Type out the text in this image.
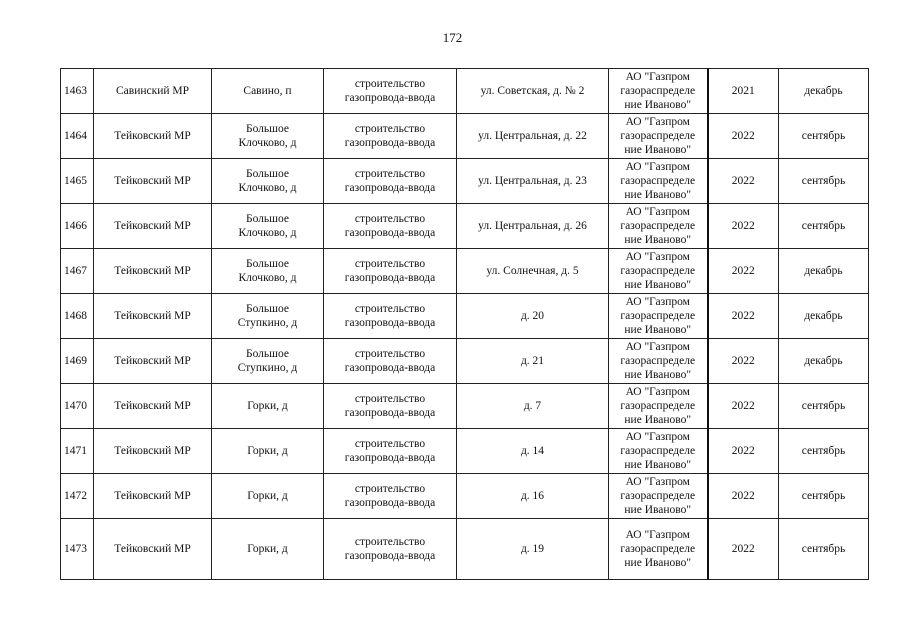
172
1463	Савинский МР	Савино, п	строительство
газопровода-ввода	ул. Советская, д. № 2	АО "Газпром
газораспределе
ние Иваново"	2021	декабрь
1464	Тейковский МР	Большое
Клочково, д	строительство
газопровода-ввода	ул. Центральная, д. 22	АО "Газпром
газораспределе
ние Иваново"	2022	сентябрь
1465	Тейковский МР	Большое
Клочково, д	строительство
газопровода-ввода	ул. Центральная, д. 23	АО "Газпром
газораспределе
ние Иваново"	2022	сентябрь
1466	Тейковский МР	Большое
Клочково, д	строительство
газопровода-ввода	ул. Центральная, д. 26	АО "Газпром
газораспределе
ние Иваново"	2022	сентябрь
1467	Тейковский МР	Большое
Клочково, д	строительство
газопровода-ввода	ул. Солнечная, д. 5	АО "Газпром
газораспределе
ние Иваново"	2022	декабрь
1468	Тейковский МР	Большое
Ступкино, д	строительство
газопровода-ввода	д. 20	АО "Газпром
газораспределе
ние Иваново"	2022	декабрь
1469	Тейковский МР	Большое
Ступкино, д	строительство
газопровода-ввода	д. 21	АО "Газпром
газораспределе
ние Иваново"	2022	декабрь
1470	Тейковский МР	Горки, д	строительство
газопровода-ввода	д. 7	АО "Газпром
газораспределе
ние Иваново"	2022	сентябрь
1471	Тейковский МР	Горки, д	строительство
газопровода-ввода	д. 14	АО "Газпром
газораспределе
ние Иваново"	2022	сентябрь
1472	Тейковский МР	Горки, д	строительство
газопровода-ввода	д. 16	АО "Газпром
газораспределе
ние Иваново"	2022	сентябрь
1473	Тейковский МР	Горки, д	строительство
газопровода-ввода	д. 19	АО "Газпром
газораспределе
ние Иваново"	2022	сентябрь
